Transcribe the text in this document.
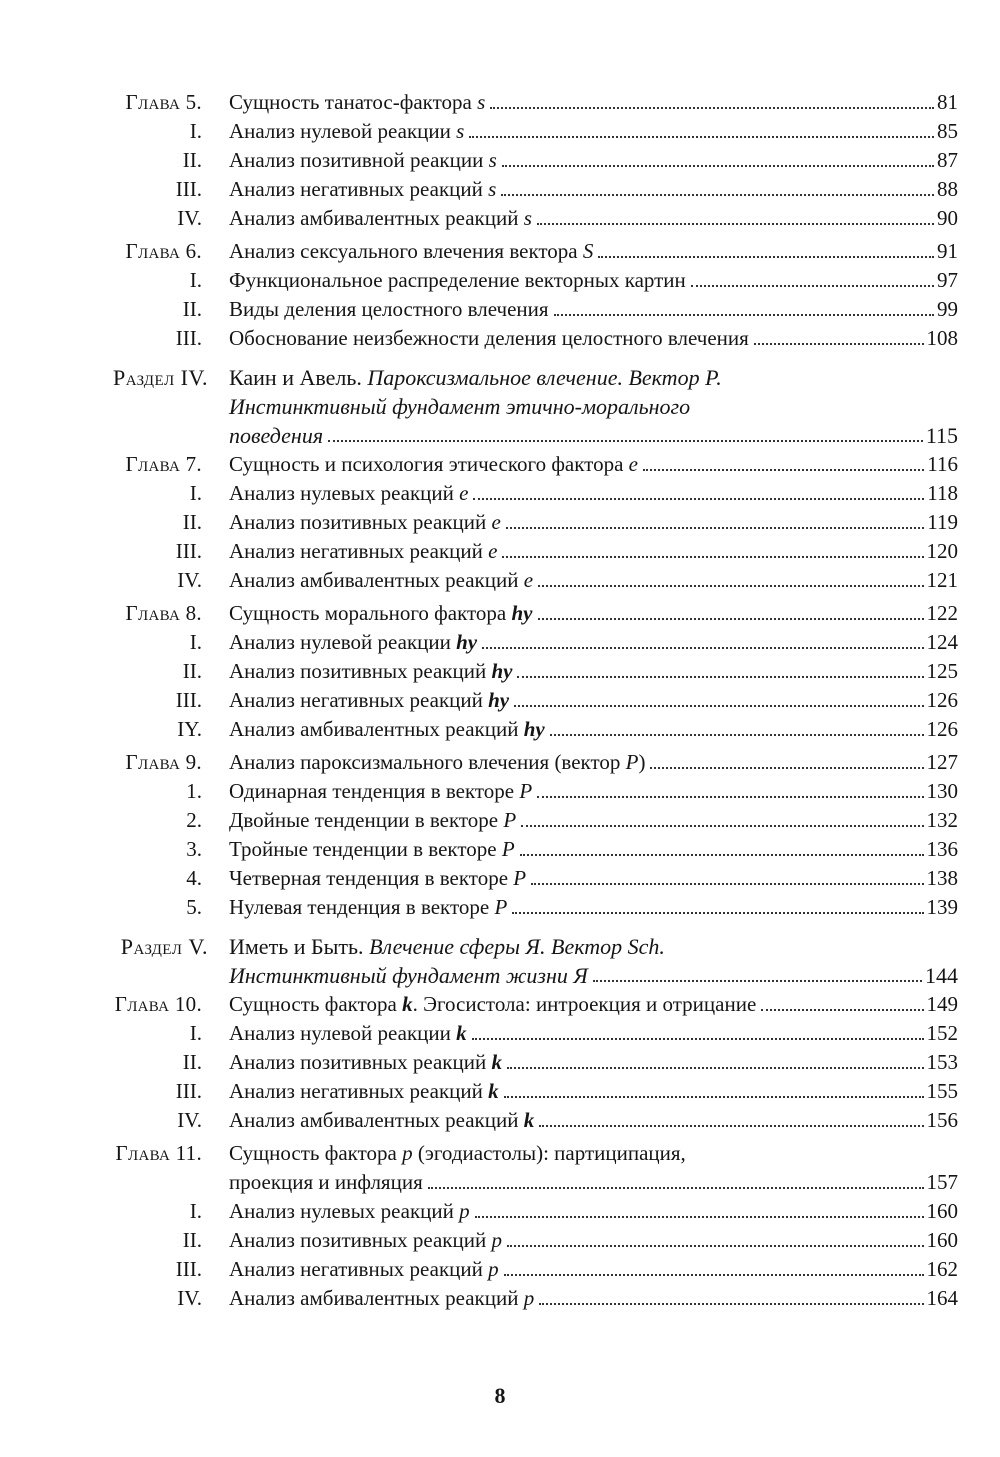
Глава 5. Сущность танатос-фактора s	81
I. Анализ нулевой реакции s	85
II. Анализ позитивной реакции s	87
III. Анализ негативных реакций s	88
IV. Анализ амбивалентных реакций s	90
Глава 6. Анализ сексуального влечения вектора S	91
I. Функциональное распределение векторных картин	97
II. Виды деления целостного влечения	99
III. Обоснование неизбежности деления целостного влечения	108
Раздел IV. Каин и Авель. Пароксизмальное влечение. Вектор Р.
Инстинктивный фундамент этично-морального
поведения	115
Глава 7. Сущность и психология этического фактора e	116
I. Анализ нулевых реакций e	118
II. Анализ позитивных реакций e	119
III. Анализ негативных реакций e	120
IV. Анализ амбивалентных реакций e	121
Глава 8. Сущность морального фактора hy	122
I. Анализ нулевой реакции hy	124
II. Анализ позитивных реакций hy	125
III. Анализ негативных реакций hy	126
IY. Анализ амбивалентных реакций hy	126
Глава 9. Анализ пароксизмального влечения (вектор P)	127
1. Одинарная тенденция в векторе P	130
2. Двойные тенденции в векторе P	132
3. Тройные тенденции в векторе P	136
4. Четверная тенденция в векторе P	138
5. Нулевая тенденция в векторе P	139
Раздел V. Иметь и Быть. Влечение сферы Я. Вектор Sch.
Инстинктивный фундамент жизни Я	144
Глава 10. Сущность фактора k. Эгосистола: интроекция и отрицание	149
I. Анализ нулевой реакции k	152
II. Анализ позитивных реакций k	153
III. Анализ негативных реакций k	155
IV. Анализ амбивалентных реакций k	156
Глава 11. Сущность фактора p (эгодиастолы): партиципация,
проекция и инфляция	157
I. Анализ нулевых реакций p	160
II. Анализ позитивных реакций p	160
III. Анализ негативных реакций p	162
IV. Анализ амбивалентных реакций p	164
8
